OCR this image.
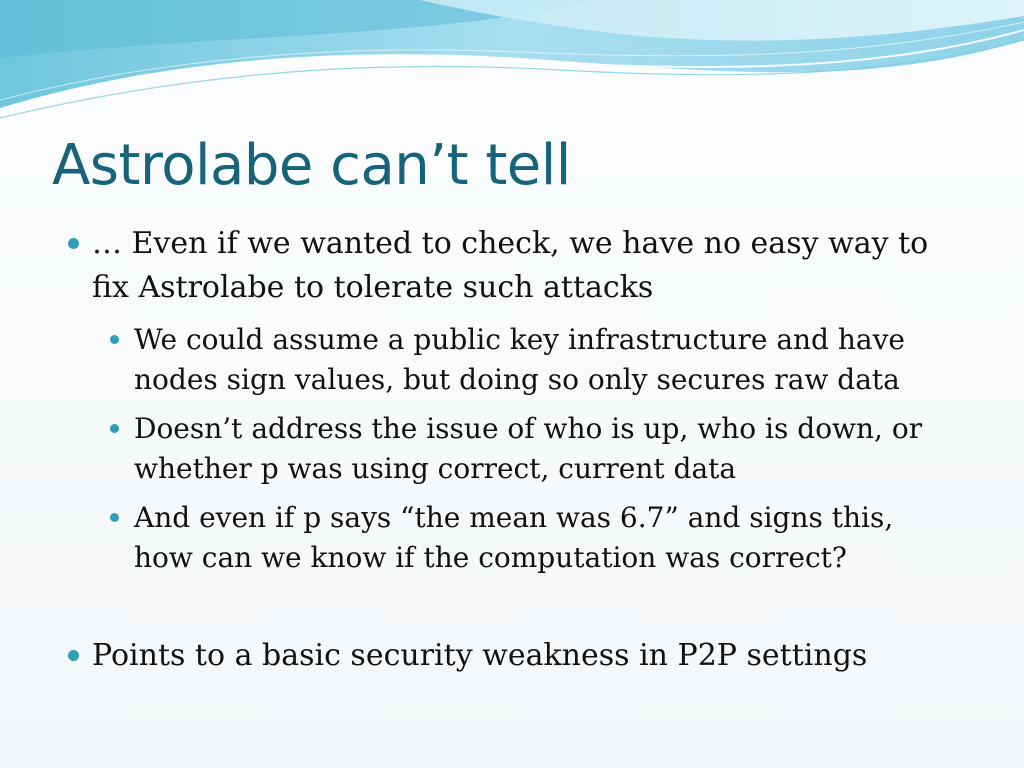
Astrolabe can’t tell

… Even if we wanted to check, we have no easy way to fix Astrolabe to tolerate such attacks

We could assume a public key infrastructure and have nodes sign values, but doing so only secures raw data

Doesn’t address the issue of who is up, who is down, or whether p was using correct, current data

And even if p says “the mean was 6.7” and signs this, how can we know if the computation was correct?

Points to a basic security weakness in P2P settings
